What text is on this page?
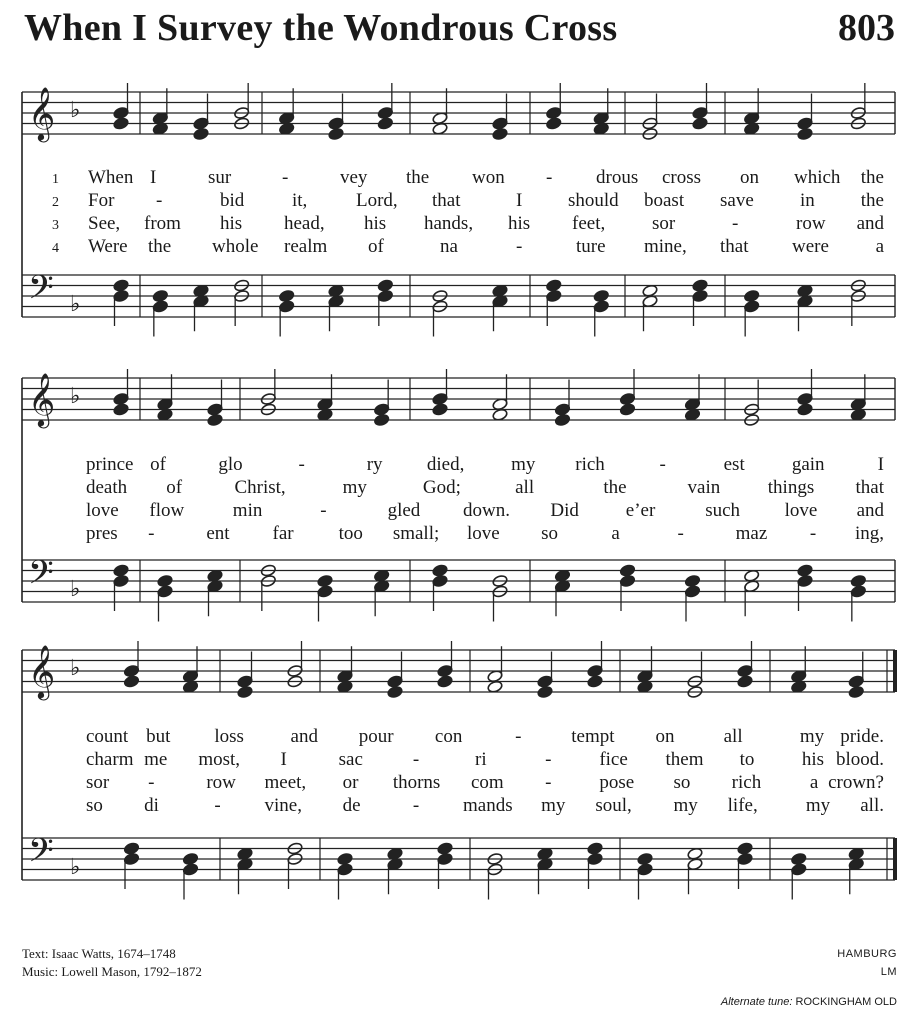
When I Survey the Wondrous Cross	803
𝄞
𝄢
♭
♭
𝄞
𝄢
♭
♭
𝄞
𝄢
♭
♭
1 When I	sur	-	vey the won - drous cross on which the
2 For -	bid	it,	Lord, that	I should boast save in the
3 See, from his head, his hands, his feet, sor	-	row and
4 Were the whole realm of	na	-	ture mine, that were a
prince of	glo	-	ry died, my rich	-	est gain	I
death of	Christ,	my	God;	all	the	vain	things that
love flow	min	-	gled down. Did e’er	such love and
pres -	ent far too small; love so	a	-	maz - ing,
count but loss and pour con	-	tempt on	all	my pride.
charm me most, I	sac	-	ri	-	fice them to his blood.
sor -	row meet, or thorns com -	pose so rich	a crown?
so di	- vine, de	- mands my soul, my life,	my all.
Text: Isaac Watts, 1674–1748
Music: Lowell Mason, 1792–1872
HAMBURG
LM
Alternate tune: ROCKINGHAM OLD
